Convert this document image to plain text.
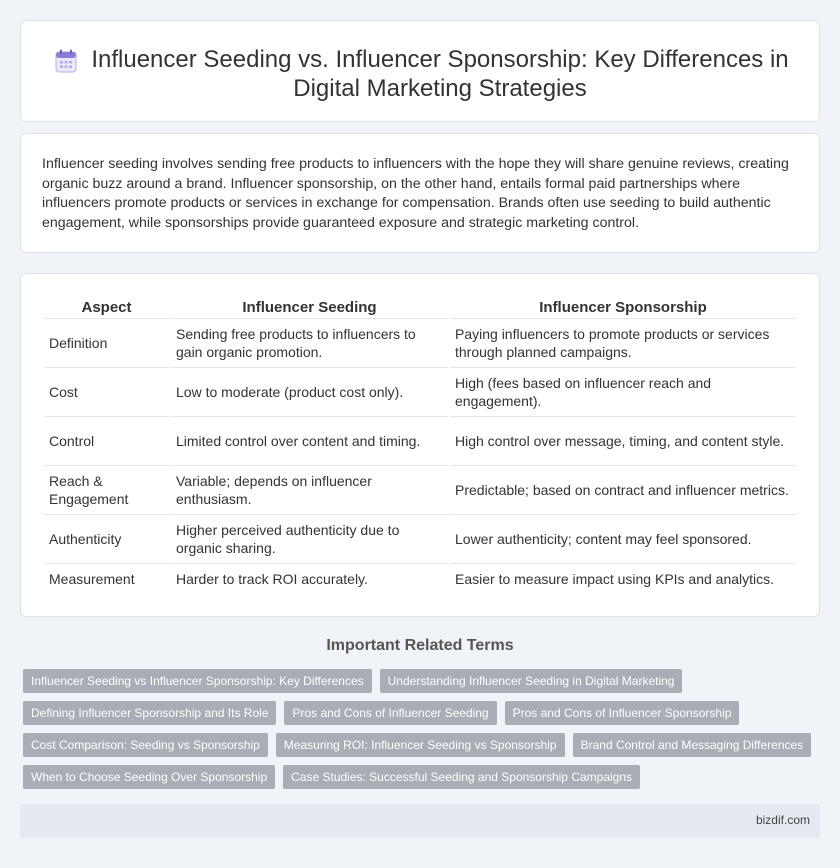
Influencer Seeding vs. Influencer Sponsorship: Key Differences in Digital Marketing Strategies

Influencer seeding involves sending free products to influencers with the hope they will share genuine reviews, creating organic buzz around a brand. Influencer sponsorship, on the other hand, entails formal paid partnerships where influencers promote products or services in exchange for compensation. Brands often use seeding to build authentic engagement, while sponsorships provide guaranteed exposure and strategic marketing control.

Aspect	Influencer Seeding	Influencer Sponsorship
Definition	Sending free products to influencers to gain organic promotion.	Paying influencers to promote products or services through planned campaigns.
Cost	Low to moderate (product cost only).	High (fees based on influencer reach and engagement).
Control	Limited control over content and timing.	High control over message, timing, and content style.
Reach & Engagement	Variable; depends on influencer enthusiasm.	Predictable; based on contract and influencer metrics.
Authenticity	Higher perceived authenticity due to organic sharing.	Lower authenticity; content may feel sponsored.
Measurement	Harder to track ROI accurately.	Easier to measure impact using KPIs and analytics.
Important Related Terms
Influencer Seeding vs Influencer Sponsorship: Key Differences	Understanding Influencer Seeding in Digital Marketing
Defining Influencer Sponsorship and Its Role	Pros and Cons of Influencer Seeding	Pros and Cons of Influencer Sponsorship
Cost Comparison: Seeding vs Sponsorship	Measuring ROI: Influencer Seeding vs Sponsorship	Brand Control and Messaging Differences
When to Choose Seeding Over Sponsorship	Case Studies: Successful Seeding and Sponsorship Campaigns
bizdif.com
